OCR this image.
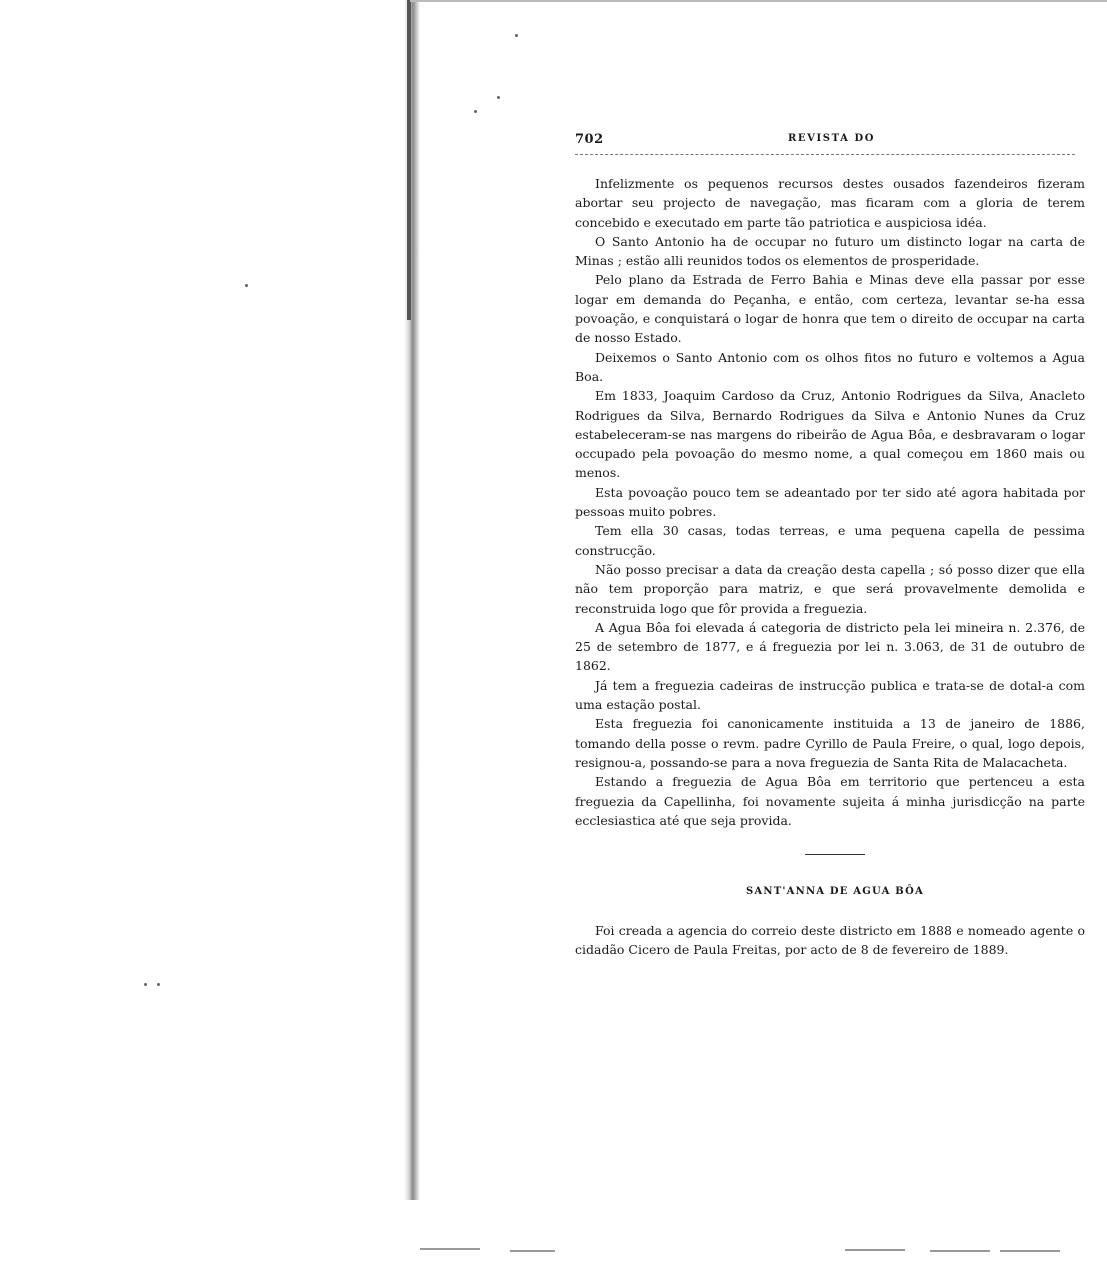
702	REVISTA DO

Infelizmente os pequenos recursos destes ousados fazendeiros fizeram abortar seu projecto de navegação, mas ficaram com a gloria de terem concebido e executado em parte tão patriotica e auspiciosa idéa.

O Santo Antonio ha de occupar no futuro um distincto logar na carta de Minas ; estão alli reunidos todos os elementos de prosperidade.

Pelo plano da Estrada de Ferro Bahia e Minas deve ella passar por esse logar em demanda do Peçanha, e então, com certeza, levantar se-ha essa povoação, e conquistará o logar de honra que tem o direito de occupar na carta de nosso Estado.

Deixemos o Santo Antonio com os olhos fitos no futuro e voltemos a Agua Boa.

Em 1833, Joaquim Cardoso da Cruz, Antonio Rodrigues da Silva, Anacleto Rodrigues da Silva, Bernardo Rodrigues da Silva e Antonio Nunes da Cruz estabeleceram-se nas margens do ribeirão de Agua Bôa, e desbravaram o logar occupado pela povoação do mesmo nome, a qual começou em 1860 mais ou menos.

Esta povoação pouco tem se adeantado por ter sido até agora habitada por pessoas muito pobres.

Tem ella 30 casas, todas terreas, e uma pequena capella de pessima construcção.

Não posso precisar a data da creação desta capella ; só posso dizer que ella não tem proporção para matriz, e que será provavelmente demolida e reconstruida logo que fôr provida a freguezia.

A Agua Bôa foi elevada á categoria de districto pela lei mineira n. 2.376, de 25 de setembro de 1877, e á freguezia por lei n. 3.063, de 31 de outubro de 1862.

Já tem a freguezia cadeiras de instrucção publica e trata-se de dotal-a com uma estação postal.

Esta freguezia foi canonicamente instituida a 13 de janeiro de 1886, tomando della posse o revm. padre Cyrillo de Paula Freire, o qual, logo depois, resignou-a, possando-se para a nova freguezia de Santa Rita de Malacacheta.

Estando a freguezia de Agua Bôa em territorio que pertenceu a esta freguezia da Capellinha, foi novamente sujeita á minha jurisdicção na parte ecclesiastica até que seja provida.

SANT'ANNA DE AGUA BÔA

Foi creada a agencia do correio deste districto em 1888 e nomeado agente o cidadão Cicero de Paula Freitas, por acto de 8 de fevereiro de 1889.
